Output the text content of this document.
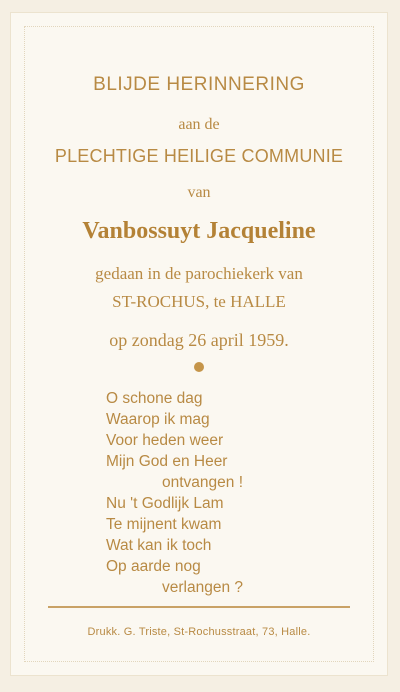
BLIJDE HERINNERING
aan de
PLECHTIGE HEILIGE COMMUNIE
van
Vanbossuyt Jacqueline
gedaan in de parochiekerk van
ST-ROCHUS, te HALLE
op zondag 26 april 1959.
O schone dag
Waarop ik mag
Voor heden weer
Mijn God en Heer
ontvangen !
Nu 't Godlijk Lam
Te mijnent kwam
Wat kan ik toch
Op aarde nog
verlangen ?
Drukk. G. Triste, St-Rochusstraat, 73, Halle.
